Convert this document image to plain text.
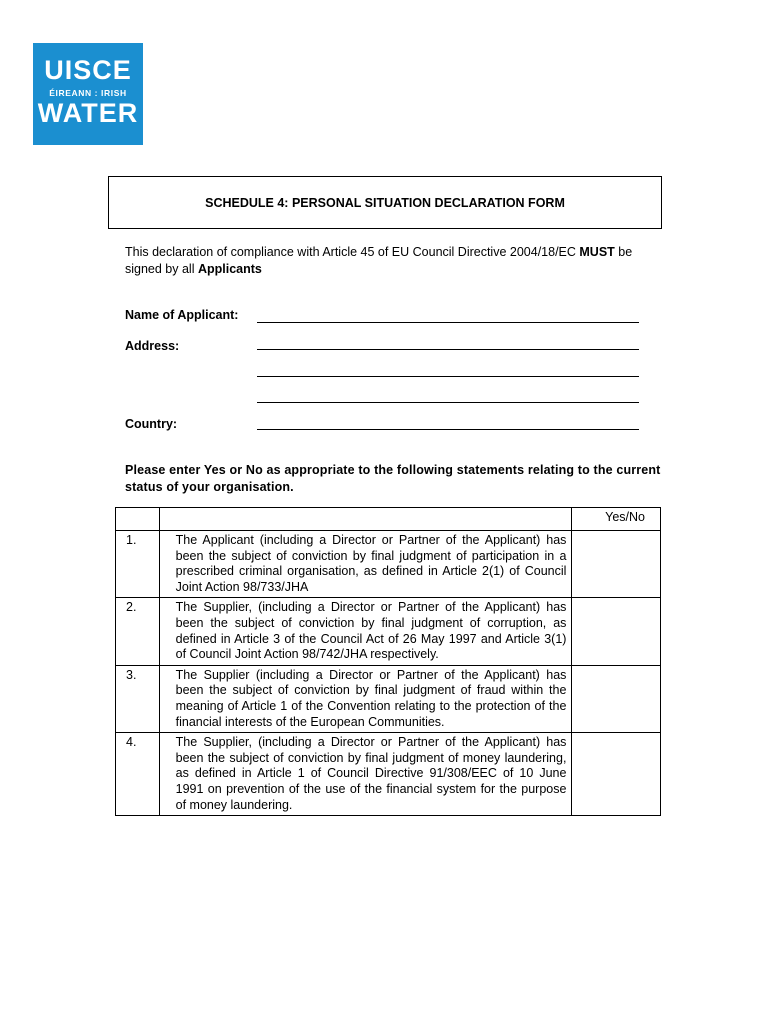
UISCE
ÉIREANN : IRISH
WATER
SCHEDULE 4: PERSONAL SITUATION DECLARATION FORM
This declaration of compliance with Article 45 of EU Council Directive 2004/18/EC MUST be signed by all Applicants
Name of Applicant:
Address:
Country:
Please enter Yes or No as appropriate to the following statements relating to the current status of your organisation.
		Yes/No
1.	The Applicant (including a Director or Partner of the Applicant) has been the subject of conviction by final judgment of participation in a prescribed criminal organisation, as defined in Article 2(1) of Council Joint Action 98/733/JHA	
2.	The Supplier, (including a Director or Partner of the Applicant) has been the subject of conviction by final judgment of corruption, as defined in Article 3 of the Council Act of 26 May 1997 and Article 3(1) of Council Joint Action 98/742/JHA respectively.	
3.	The Supplier (including a Director or Partner of the Applicant) has been the subject of conviction by final judgment of fraud within the meaning of Article 1 of the Convention relating to the protection of the financial interests of the European Communities.	
4.	The Supplier, (including a Director or Partner of the Applicant) has been the subject of conviction by final judgment of money laundering, as defined in Article 1 of Council Directive 91/308/EEC of 10 June 1991 on prevention of the use of the financial system for the purpose of money laundering.	
